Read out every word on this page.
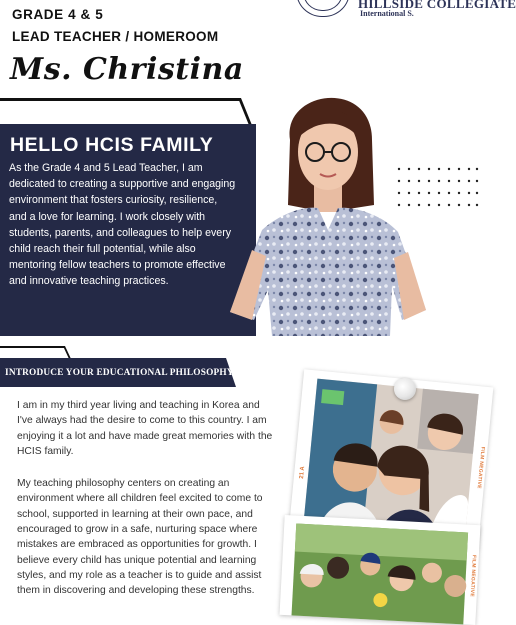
GRADE 4 & 5
LEAD TEACHER / HOMEROOM
Ms. Christina
HILLSIDE COLLEGIATE
International S.
HELLO HCIS FAMILY
As the Grade 4 and 5 Lead Teacher, I am dedicated to creating a supportive and engaging environment that fosters curiosity, resilience, and a love for learning. I work closely with students, parents, and colleagues to help every child reach their full potential, while also mentoring fellow teachers to promote effective and innovative teaching practices.
INTRODUCE YOUR EDUCATIONAL PHILOSOPHY

I am in my third year living and teaching in Korea and I've always had the desire to come to this country. I am enjoying it a lot and have made great memories with the HCIS family.

My teaching philosophy centers on creating an environment where all children feel excited to come to school, supported in learning at their own pace, and encouraged to grow in a safe, nurturing space where mistakes are embraced as opportunities for growth. I believe every child has unique potential and learning styles, and my role as a teacher is to guide and assist them in discovering and developing these strengths.

FILM NEGATIVE
21 A
FILM NEGATIVE
